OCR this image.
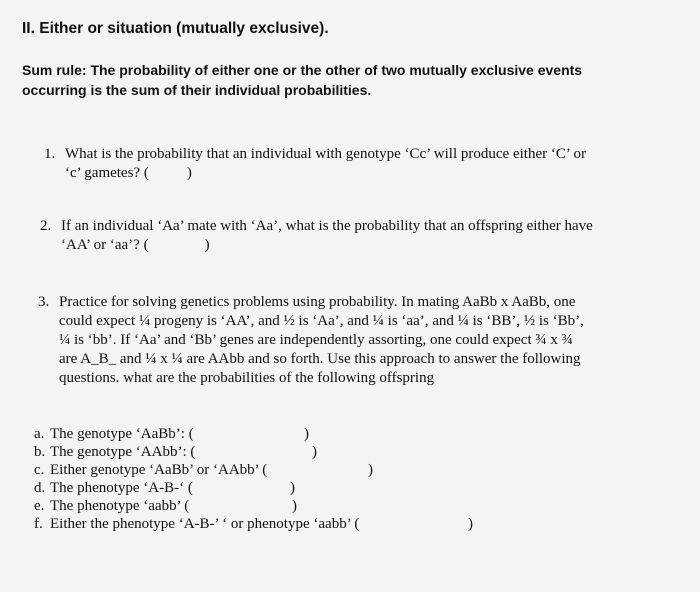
II. Either or situation (mutually exclusive).
Sum rule: The probability of either one or the other of two mutually exclusive events
occurring is the sum of their individual probabilities.
1. What is the probability that an individual with genotype ‘Cc’ will produce either ‘C’ or
‘c’ gametes? (	)
2. If an individual ‘Aa’ mate with ‘Aa’, what is the probability that an offspring either have
‘AA’ or ‘aa’? (	)
3. Practice for solving genetics problems using probability. In mating AaBb x AaBb, one
could expect ¼ progeny is ‘AA’, and ½ is ‘Aa’, and ¼ is ‘aa’, and ¼ is ‘BB’, ½ is ‘Bb’,
¼ is ‘bb’. If ‘Aa’ and ‘Bb’ genes are independently assorting, one could expect ¾ x ¾
are A_B_ and ¼ x ¼ are AAbb and so forth. Use this approach to answer the following
questions. what are the probabilities of the following offspring
a. The genotype ‘AaBb’: (	)
b. The genotype ‘AAbb’: (	)
c. Either genotype ‘AaBb’ or ‘AAbb’ (	)
d. The phenotype ‘A-B-‘ (	)
e. The phenotype ‘aabb’ (	)
f. Either the phenotype ‘A-B-’ ‘ or phenotype ‘aabb’ (	)
